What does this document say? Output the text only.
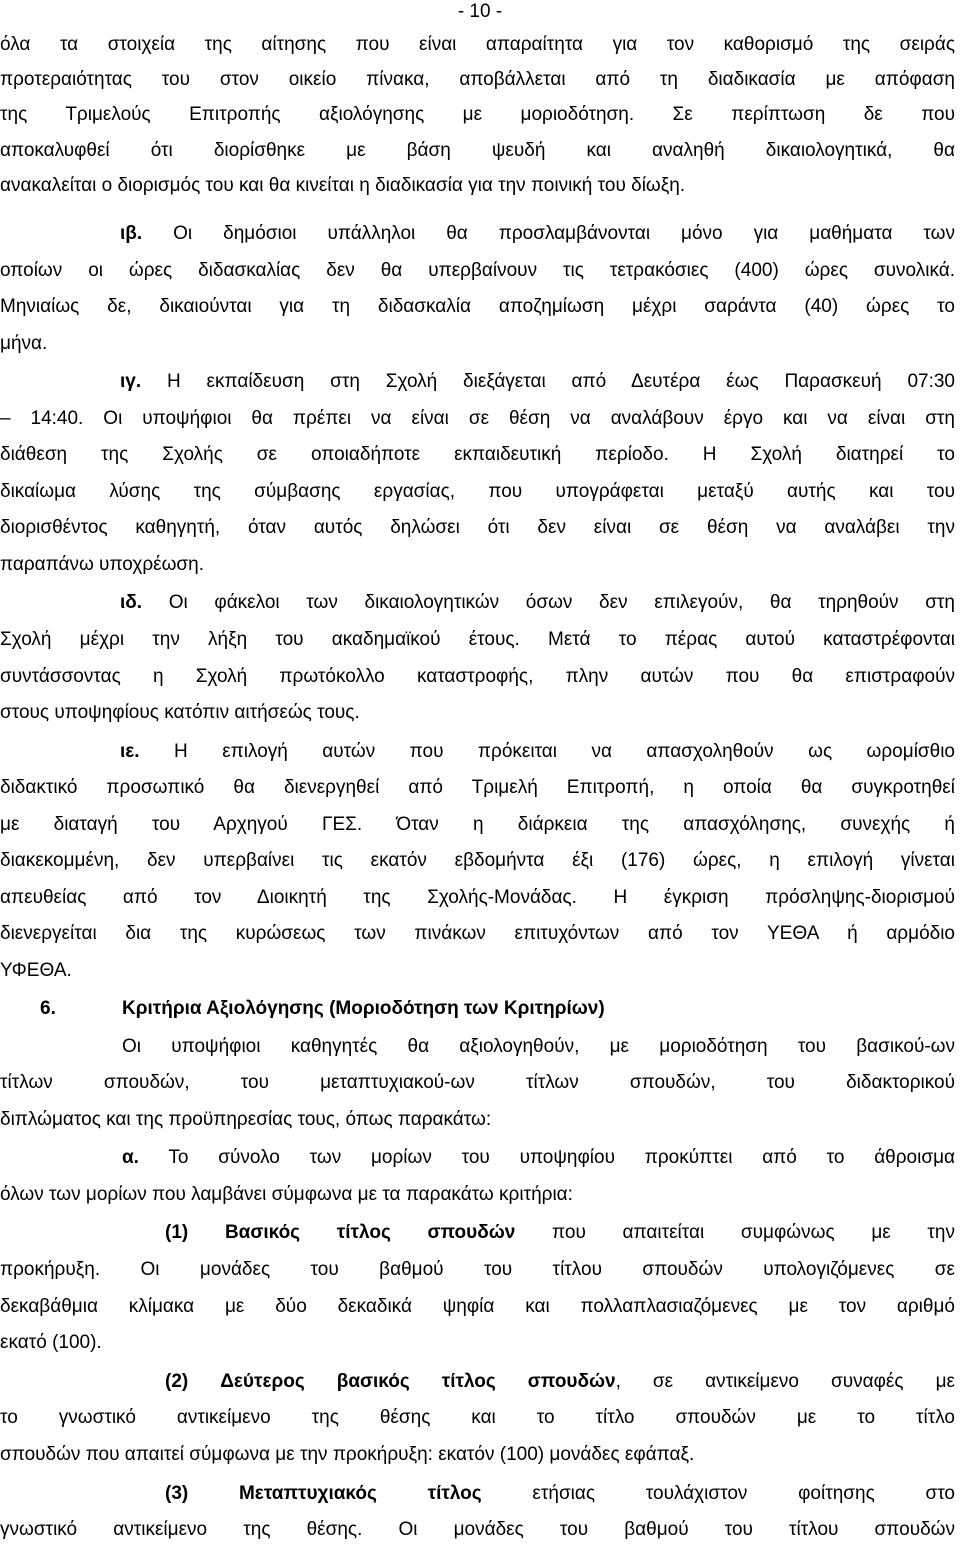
- 10 -
όλα τα στοιχεία της αίτησης που είναι απαραίτητα για τον καθορισμό της σειράς
προτεραιότητας του στον οικείο πίνακα, αποβάλλεται από τη διαδικασία με απόφαση
της Τριμελούς Επιτροπής αξιολόγησης με μοριοδότηση. Σε περίπτωση δε που
αποκαλυφθεί ότι διορίσθηκε με βάση ψευδή και αναληθή δικαιολογητικά, θα
ανακαλείται ο διορισμός του και θα κινείται η διαδικασία για την ποινική του δίωξη.
ιβ. Οι δημόσιοι υπάλληλοι θα προσλαμβάνονται μόνο για μαθήματα των
οποίων οι ώρες διδασκαλίας δεν θα υπερβαίνουν τις τετρακόσιες (400) ώρες συνολικά.
Μηνιαίως δε, δικαιούνται για τη διδασκαλία αποζημίωση μέχρι σαράντα (40) ώρες το
μήνα.
ιγ. Η εκπαίδευση στη Σχολή διεξάγεται από Δευτέρα έως Παρασκευή 07:30
– 14:40. Οι υποψήφιοι θα πρέπει να είναι σε θέση να αναλάβουν έργο και να είναι στη
διάθεση της Σχολής σε οποιαδήποτε εκπαιδευτική περίοδο. Η Σχολή διατηρεί το
δικαίωμα λύσης της σύμβασης εργασίας, που υπογράφεται μεταξύ αυτής και του
διορισθέντος καθηγητή, όταν αυτός δηλώσει ότι δεν είναι σε θέση να αναλάβει την
παραπάνω υποχρέωση.
ιδ. Οι φάκελοι των δικαιολογητικών όσων δεν επιλεγούν, θα τηρηθούν στη
Σχολή μέχρι την λήξη του ακαδημαϊκού έτους. Μετά το πέρας αυτού καταστρέφονται
συντάσσοντας η Σχολή πρωτόκολλο καταστροφής, πλην αυτών που θα επιστραφούν
στους υποψηφίους κατόπιν αιτήσεώς τους.
ιε. Η επιλογή αυτών που πρόκειται να απασχοληθούν ως ωρομίσθιο
διδακτικό προσωπικό θα διενεργηθεί από Τριμελή Επιτροπή, η οποία θα συγκροτηθεί
με διαταγή του Αρχηγού ΓΕΣ. Όταν η διάρκεια της απασχόλησης, συνεχής ή
διακεκομμένη, δεν υπερβαίνει τις εκατόν εβδομήντα έξι (176) ώρες, η επιλογή γίνεται
απευθείας από τον Διοικητή της Σχολής-Μονάδας. Η έγκριση πρόσληψης-διορισμού
διενεργείται δια της κυρώσεως των πινάκων επιτυχόντων από τον ΥΕΘΑ ή αρμόδιο
ΥΦΕΘΑ.
6.	Κριτήρια Αξιολόγησης (Μοριοδότηση των Κριτηρίων)
Οι υποψήφιοι καθηγητές θα αξιολογηθούν, με μοριοδότηση του βασικού-ων
τίτλων σπουδών, του μεταπτυχιακού-ων τίτλων σπουδών, του διδακτορικού
διπλώματος και της προϋπηρεσίας τους, όπως παρακάτω:
α. Το σύνολο των μορίων του υποψηφίου προκύπτει από το άθροισμα
όλων των μορίων που λαμβάνει σύμφωνα με τα παρακάτω κριτήρια:
(1) Βασικός τίτλος σπουδών που απαιτείται συμφώνως με την
προκήρυξη. Οι μονάδες του βαθμού του τίτλου σπουδών υπολογιζόμενες σε
δεκαβάθμια κλίμακα με δύο δεκαδικά ψηφία και πολλαπλασιαζόμενες με τον αριθμό
εκατό (100).
(2) Δεύτερος βασικός τίτλος σπουδών, σε αντικείμενο συναφές με
το γνωστικό αντικείμενο της θέσης και το τίτλο σπουδών με το τίτλο
σπουδών που απαιτεί σύμφωνα με την προκήρυξη: εκατόν (100) μονάδες εφάπαξ.
(3)	Μεταπτυχιακός τίτλος	ετήσιας τουλάχιστον φοίτησης στο
γνωστικό αντικείμενο της θέσης. Οι μονάδες του βαθμού του τίτλου σπουδών
